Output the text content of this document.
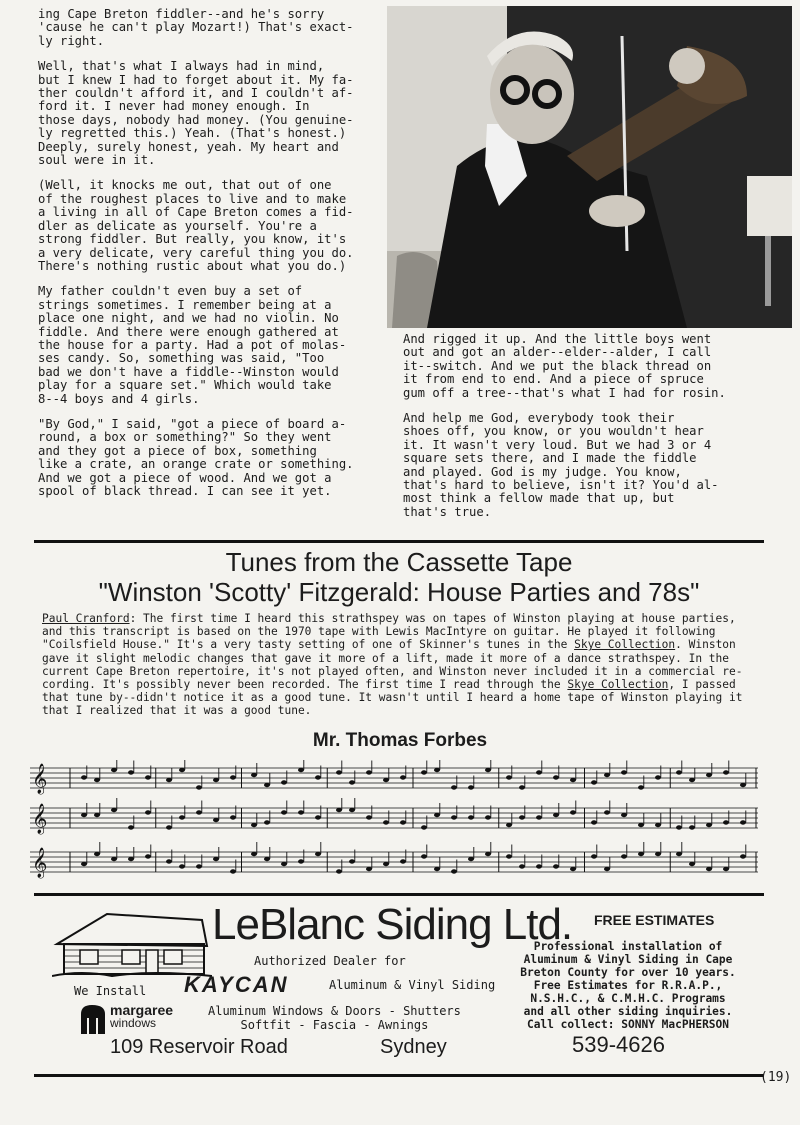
ing Cape Breton fiddler--and he's sorry
'cause he can't play Mozart!) That's exact-
ly right.

Well, that's what I always had in mind,
but I knew I had to forget about it. My fa-
ther couldn't afford it, and I couldn't af-
ford it. I never had money enough. In
those days, nobody had money. (You genuine-
ly regretted this.) Yeah. (That's honest.)
Deeply, surely honest, yeah. My heart and
soul were in it.

(Well, it knocks me out, that out of one
of the roughest places to live and to make
a living in all of Cape Breton comes a fid-
dler as delicate as yourself. You're a
strong fiddler. But really, you know, it's
a very delicate, very careful thing you do.
There's nothing rustic about what you do.)

My father couldn't even buy a set of
strings sometimes. I remember being at a
place one night, and we had no violin. No
fiddle. And there were enough gathered at
the house for a party. Had a pot of molas-
ses candy. So, something was said, "Too
bad we don't have a fiddle--Winston would
play for a square set." Which would take
8--4 boys and 4 girls.

"By God," I said, "got a piece of board a-
round, a box or something?" So they went
and they got a piece of box, something
like a crate, an orange crate or something.
And we got a piece of wood. And we got a
spool of black thread. I can see it yet.

And rigged it up. And the little boys went
out and got an alder--elder--alder, I call
it--switch. And we put the black thread on
it from end to end. And a piece of spruce
gum off a tree--that's what I had for rosin.

And help me God, everybody took their
shoes off, you know, or you wouldn't hear
it. It wasn't very loud. But we had 3 or 4
square sets there, and I made the fiddle
and played. God is my judge. You know,
that's hard to believe, isn't it? You'd al-
most think a fellow made that up, but
that's true.

Tunes from the Cassette Tape
"Winston 'Scotty' Fitzgerald: House Parties and 78s"
Paul Cranford: The first time I heard this strathspey was on tapes of Winston playing at house parties,
and this transcript is based on the 1970 tape with Lewis MacIntyre on guitar. He played it following
"Coilsfield House." It's a very tasty setting of one of Skinner's tunes in the Skye Collection. Winston
gave it slight melodic changes that gave it more of a lift, made it more of a dance strathspey. In the
current Cape Breton repertoire, it's not played often, and Winston never included it in a commercial re-
cording. It's possibly never been recorded. The first time I read through the Skye Collection, I passed
that tune by--didn't notice it as a good tune. It wasn't until I heard a home tape of Winston playing it
that I realized that it was a good tune.
Mr. Thomas Forbes
𝄞
𝄞
𝄞
LeBlanc Siding Ltd. FREE ESTIMATES
Authorized Dealer for
KAYCAN	Aluminum & Vinyl Siding
We Install
margaree
windows
Aluminum Windows & Doors - Shutters
Softfit - Fascia - Awnings
Professional installation of
Aluminum & Vinyl Siding in Cape
Breton County for over 10 years.
Free Estimates for R.R.A.P.,
N.S.H.C., & C.M.H.C. Programs
and all other siding inquiries.
Call collect: SONNY MacPHERSON
109 Reservoir Road	Sydney	539-4626
(19)
